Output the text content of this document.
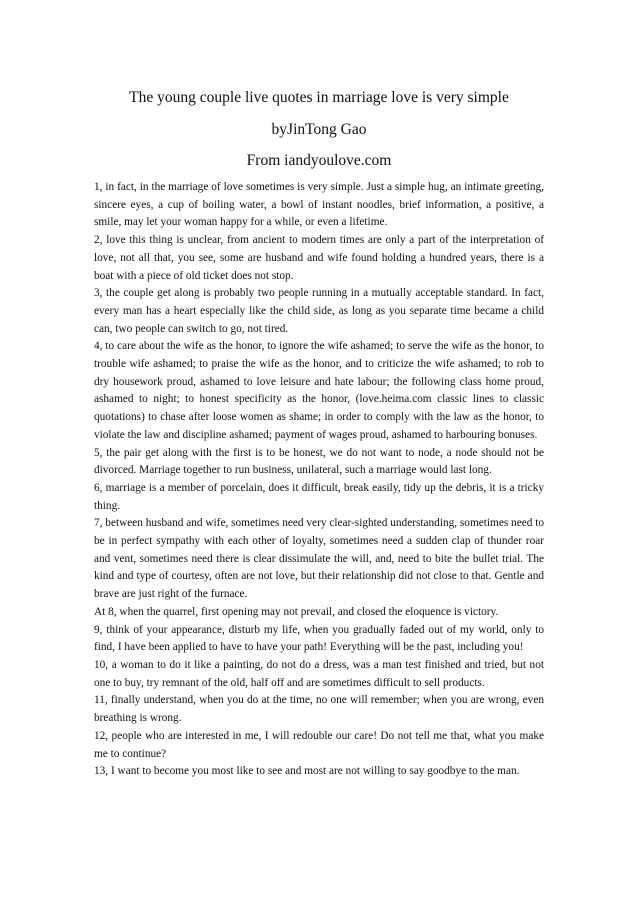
The young couple live quotes in marriage love is very simple
byJinTong Gao
From iandyoulove.com

1, in fact, in the marriage of love sometimes is very simple. Just a simple hug, an intimate greeting, sincere eyes, a cup of boiling water, a bowl of instant noodles, brief information, a positive, a smile, may let your woman happy for a while, or even a lifetime.

2, love this thing is unclear, from ancient to modern times are only a part of the interpretation of love, not all that, you see, some are husband and wife found holding a hundred years, there is a boat with a piece of old ticket does not stop.

3, the couple get along is probably two people running in a mutually acceptable standard. In fact, every man has a heart especially like the child side, as long as you separate time became a child can, two people can switch to go, not tired.

4, to care about the wife as the honor, to ignore the wife ashamed; to serve the wife as the honor, to trouble wife ashamed; to praise the wife as the honor, and to criticize the wife ashamed; to rob to dry housework proud, ashamed to love leisure and hate labour; the following class home proud, ashamed to night; to honest specificity as the honor, (love.heima.com classic lines to classic quotations) to chase after loose women as shame; in order to comply with the law as the honor, to violate the law and discipline ashamed; payment of wages proud, ashamed to harbouring bonuses.

5, the pair get along with the first is to be honest, we do not want to node, a node should not be divorced. Marriage together to run business, unilateral, such a marriage would last long.

6, marriage is a member of porcelain, does it difficult, break easily, tidy up the debris, it is a tricky thing.

7, between husband and wife, sometimes need very clear-sighted understanding, sometimes need to be in perfect sympathy with each other of loyalty, sometimes need a sudden clap of thunder roar and vent, sometimes need there is clear dissimulate the will, and, need to bite the bullet trial. The kind and type of courtesy, often are not love, but their relationship did not close to that. Gentle and brave are just right of the furnace.

At 8, when the quarrel, first opening may not prevail, and closed the eloquence is victory.

9, think of your appearance, disturb my life, when you gradually faded out of my world, only to find, I have been applied to have to have your path! Everything will be the past, including you!

10, a woman to do it like a painting, do not do a dress, was a man test finished and tried, but not one to buy, try remnant of the old, half off and are sometimes difficult to sell products.

11, finally understand, when you do at the time, no one will remember; when you are wrong, even breathing is wrong.

12, people who are interested in me, I will redouble our care! Do not tell me that, what you make me to continue?

13, I want to become you most like to see and most are not willing to say goodbye to the man.
